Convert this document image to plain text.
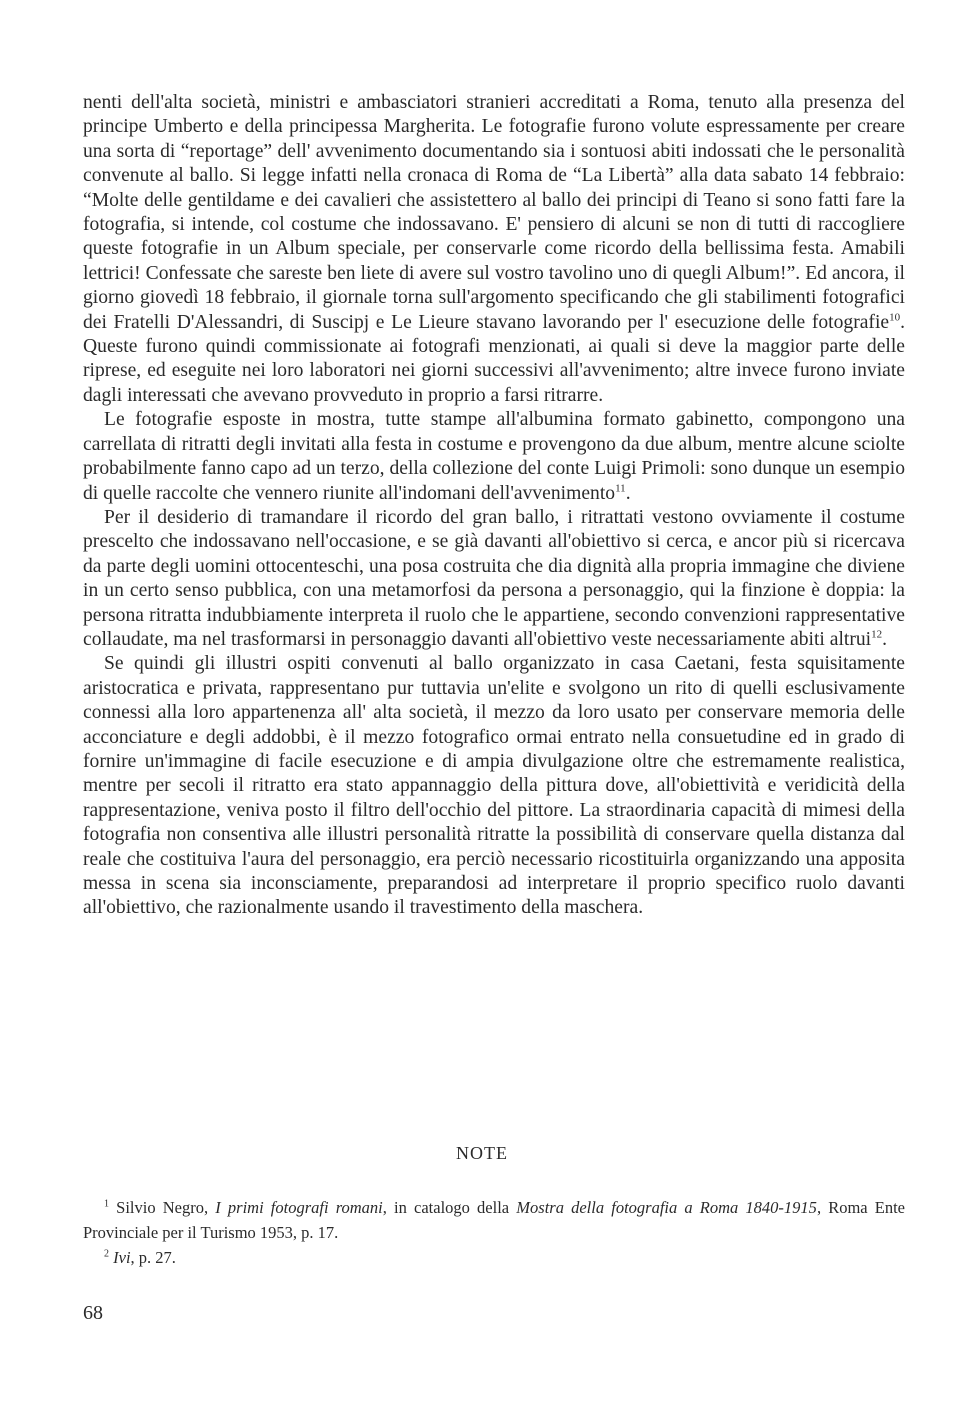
nenti dell'alta società, ministri e ambasciatori stranieri accreditati a Roma, tenuto alla presenza del principe Umberto e della principessa Margherita. Le fotografie furono volute espressamente per creare una sorta di “reportage” dell' avvenimento documentando sia i sontuosi abiti indossati che le personalità convenute al ballo. Si legge infatti nella cronaca di Roma de “La Libertà” alla data sabato 14 febbraio: “Molte delle gentildame e dei cavalieri che assistettero al ballo dei principi di Teano si sono fatti fare la fotografia, si intende, col costume che indossavano. E' pensiero di alcuni se non di tutti di raccogliere queste fotografie in un Album speciale, per conservarle come ricordo della bellissima festa. Amabili lettrici! Confessate che sareste ben liete di avere sul vostro tavolino uno di quegli Album!”. Ed ancora, il giorno giovedì 18 febbraio, il giornale torna sull'argomento specificando che gli stabilimenti fotografici dei Fratelli D'Alessandri, di Suscipj e Le Lieure stavano lavorando per l' esecuzione delle fotografie$^{10}$. Queste furono quindi commissionate ai fotografi menzionati, ai quali si deve la maggior parte delle riprese, ed eseguite nei loro laboratori nei giorni successivi all'avvenimento; altre invece furono inviate dagli interessati che avevano provveduto in proprio a farsi ritrarre.

Le fotografie esposte in mostra, tutte stampe all'albumina formato gabinetto, compongono una carrellata di ritratti degli invitati alla festa in costume e provengono da due album, mentre alcune sciolte probabilmente fanno capo ad un terzo, della collezione del conte Luigi Primoli: sono dunque un esempio di quelle raccolte che vennero riunite all'indomani dell'avvenimento$^{11}$.

Per il desiderio di tramandare il ricordo del gran ballo, i ritrattati vestono ovviamente il costume prescelto che indossavano nell'occasione, e se già davanti all'obiettivo si cerca, e ancor più si ricercava da parte degli uomini ottocenteschi, una posa costruita che dia dignità alla propria immagine che diviene in un certo senso pubblica, con una metamorfosi da persona a personaggio, qui la finzione è doppia: la persona ritratta indubbiamente interpreta il ruolo che le appartiene, secondo convenzioni rappresentative collaudate, ma nel trasformarsi in personaggio davanti all'obiettivo veste necessariamente abiti altrui$^{12}$.

Se quindi gli illustri ospiti convenuti al ballo organizzato in casa Caetani, festa squisitamente aristocratica e privata, rappresentano pur tuttavia un'elite e svolgono un rito di quelli esclusivamente connessi alla loro appartenenza all' alta società, il mezzo da loro usato per conservare memoria delle acconciature e degli addobbi, è il mezzo fotografico ormai entrato nella consuetudine ed in grado di fornire un'immagine di facile esecuzione e di ampia divulgazione oltre che estremamente realistica, mentre per secoli il ritratto era stato appannaggio della pittura dove, all'obiettività e veridicità della rappresentazione, veniva posto il filtro dell'occhio del pittore. La straordinaria capacità di mimesi della fotografia non consentiva alle illustri personalità ritratte la possibilità di conservare quella distanza dal reale che costituiva l'aura del personaggio, era perciò necessario ricostituirla organizzando una apposita messa in scena sia inconsciamente, preparandosi ad interpretare il proprio specifico ruolo davanti all'obiettivo, che razionalmente usando il travestimento della maschera.

NOTE

$^1$ Silvio Negro, I primi fotografi romani, in catalogo della Mostra della fotografia a Roma 1840-1915, Roma Ente Provinciale per il Turismo 1953, p. 17.

$^2$ Ivi, p. 27.

68
